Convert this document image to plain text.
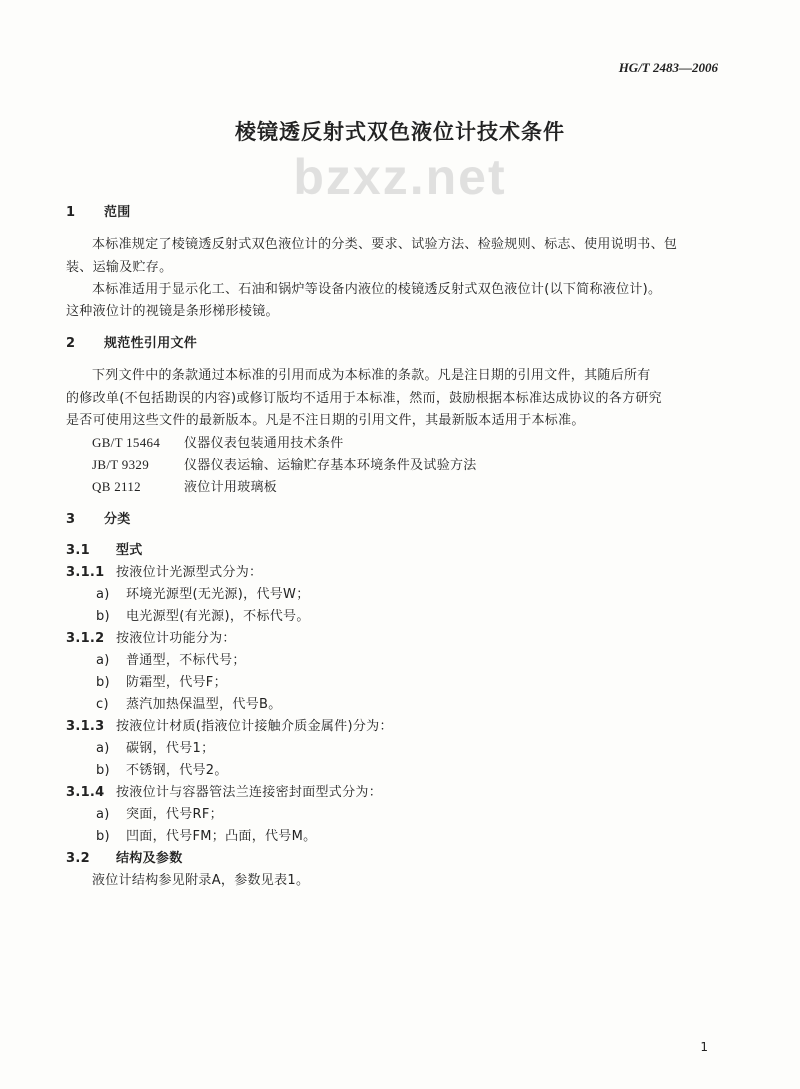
HG/T 2483—2006
棱镜透反射式双色液位计技术条件
bzxz.net
1 范围
本标准规定了棱镜透反射式双色液位计的分类、要求、试验方法、检验规则、标志、使用说明书、包
装、运输及贮存。
本标准适用于显示化工、石油和锅炉等设备内液位的棱镜透反射式双色液位计(以下简称液位计)。
这种液位计的视镜是条形梯形棱镜。
2 规范性引用文件
下列文件中的条款通过本标准的引用而成为本标准的条款。凡是注日期的引用文件，其随后所有
的修改单(不包括勘误的内容)或修订版均不适用于本标准，然而，鼓励根据本标准达成协议的各方研究
是否可使用这些文件的最新版本。凡是不注日期的引用文件，其最新版本适用于本标准。
GB/T 15464 仪器仪表包装通用技术条件
JB/T 9329	仪器仪表运输、运输贮存基本环境条件及试验方法
QB 2112	液位计用玻璃板
3 分类
3.1 型式
3.1.1 按液位计光源型式分为：
a) 环境光源型(无光源)，代号W；
b) 电光源型(有光源)，不标代号。
3.1.2 按液位计功能分为：
a) 普通型，不标代号；
b) 防霜型，代号F；
c) 蒸汽加热保温型，代号B。
3.1.3 按液位计材质(指液位计接触介质金属件)分为：
a) 碳钢，代号1；
b) 不锈钢，代号2。
3.1.4 按液位计与容器管法兰连接密封面型式分为：
a) 突面，代号RF；
b) 凹面，代号FM；凸面，代号M。
3.2 结构及参数
液位计结构参见附录A，参数见表1。
1
